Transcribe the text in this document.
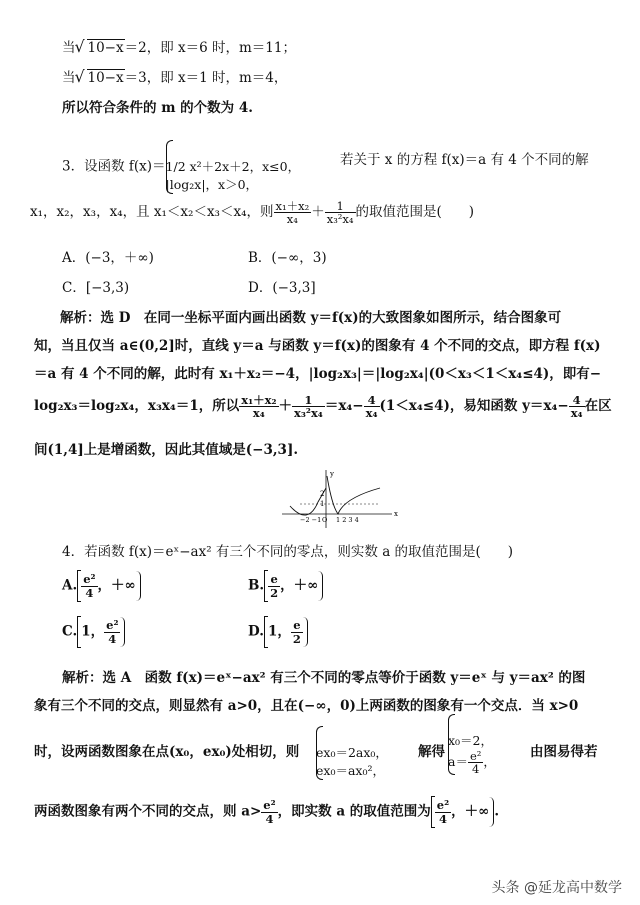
当 √ 10−x＝2，即 x＝6 时，m＝11；
当 √ 10−x＝3，即 x＝1 时，m＝4，
所以符合条件的 m 的个数为 4.
3．设函数 f(x)＝ 1/2 x²＋2x＋2，x≤0，
|log₂x|，x＞0，
若关于 x 的方程 f(x)＝a 有 4 个不同的解
x₁，x₂，x₃，x₄，且 x₁＜x₂＜x₃＜x₄，则 $\frac{\text{x₁＋x₂}}{\text{x₄}} + \frac{1}{\text{x₃²x₄}}$ 的取值范围是(　　)
A．(−3，＋∞)	B．(−∞，3)
C．[−3,3)	D．(−3,3]
解析：选 D　在同一坐标平面内画出函数 y＝f(x)的大致图象如图所示，结合图象可
知，当且仅当 a∈(0,2]时，直线 y＝a 与函数 y＝f(x)的图象有 4 个不同的交点，即方程 f(x)
＝a 有 4 个不同的解，此时有 x₁＋x₂＝−4，|log₂x₃|＝|log₂x₄|(0＜x₃＜1＜x₄≤4)，即有−
log₂x₃＝log₂x₄，x₃x₄＝1，所以 $\frac{\text{x₁＋x₂}}{\text{x₄}} + \frac{1}{\text{x₃²x₄}} =x_4- \frac{4}{\text{x₄}} (1<x_4\le 4)$，易知函数 $y=x_4- \frac{4}{\text{x₄}}$ 在区
间(1,4]上是增函数，因此其值域是(−3,3].
y
x
2
1
−2 −1 O 1 2 3 4
4．若函数 f(x)＝eˣ−ax² 有三个不同的零点，则实数 a 的取值范围是(　　)
A. $\frac{\text{e²}}{4}$ ，＋∞	B. $\frac{e}{2}$ ，＋∞
C. 1， $\frac{\text{e²}}{4}$	D. 1， $\frac{e}{2}$
解析：选 A　函数 f(x)＝eˣ−ax² 有三个不同的零点等价于函数 y＝eˣ 与 y＝ax² 的图
象有三个不同的交点，则显然有 a>0，且在(−∞，0)上两函数的图象有一个交点．当 x>0
时，设两函数图象在点(x₀，ex₀)处相切，则	ex₀＝2ax₀，
ex₀＝ax₀²，
解得
x₀＝2，
$a= \frac{\text{e²}}{4}$ ，
由图易得若
两函数图象有两个不同的交点，则 $a> \frac{\text{e²}}{4}$ ，即实数 a 的取值范围为 $\frac{\text{e²}}{4}$ ，＋∞ .
头条 @延龙高中数学
